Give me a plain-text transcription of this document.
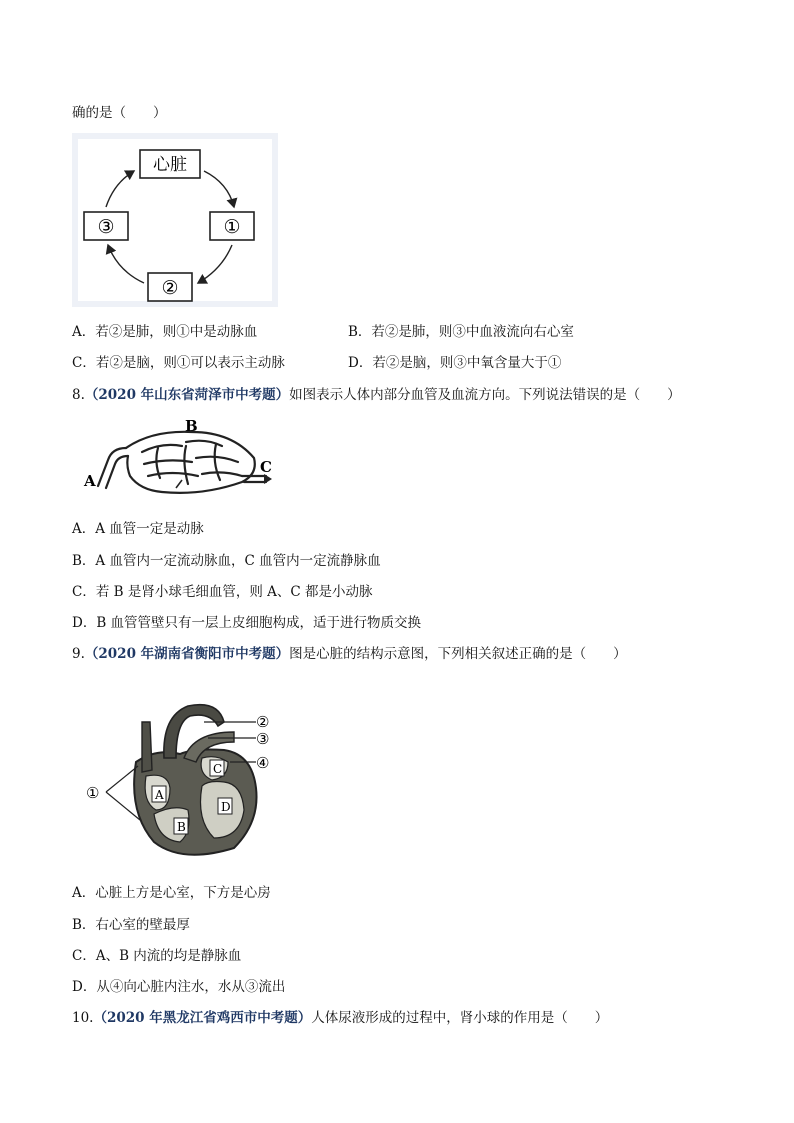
确的是（　　）
心脏
①
②
③
A．若②是肺，则①中是动脉血	B．若②是肺，则③中血液流向右心室
C．若②是脑，则①可以表示主动脉	D．若②是脑，则③中氧含量大于①
8.（2020 年山东省菏泽市中考题）如图表示人体内部分血管及血流方向。下列说法错误的是（　　）
A
B
C
A．A 血管一定是动脉
B．A 血管内一定流动脉血，C 血管内一定流静脉血
C．若 B 是肾小球毛细血管，则 A、C 都是小动脉
D．B 血管管壁只有一层上皮细胞构成，适于进行物质交换
9.（2020 年湖南省衡阳市中考题）图是心脏的结构示意图，下列相关叙述正确的是（　　）
②
③
④
①	A
B
C
D
A．心脏上方是心室，下方是心房
B．右心室的壁最厚
C．A、B 内流的均是静脉血
D．从④向心脏内注水，水从③流出
10.（2020 年黑龙江省鸡西市中考题）人体尿液形成的过程中，肾小球的作用是（　　）
